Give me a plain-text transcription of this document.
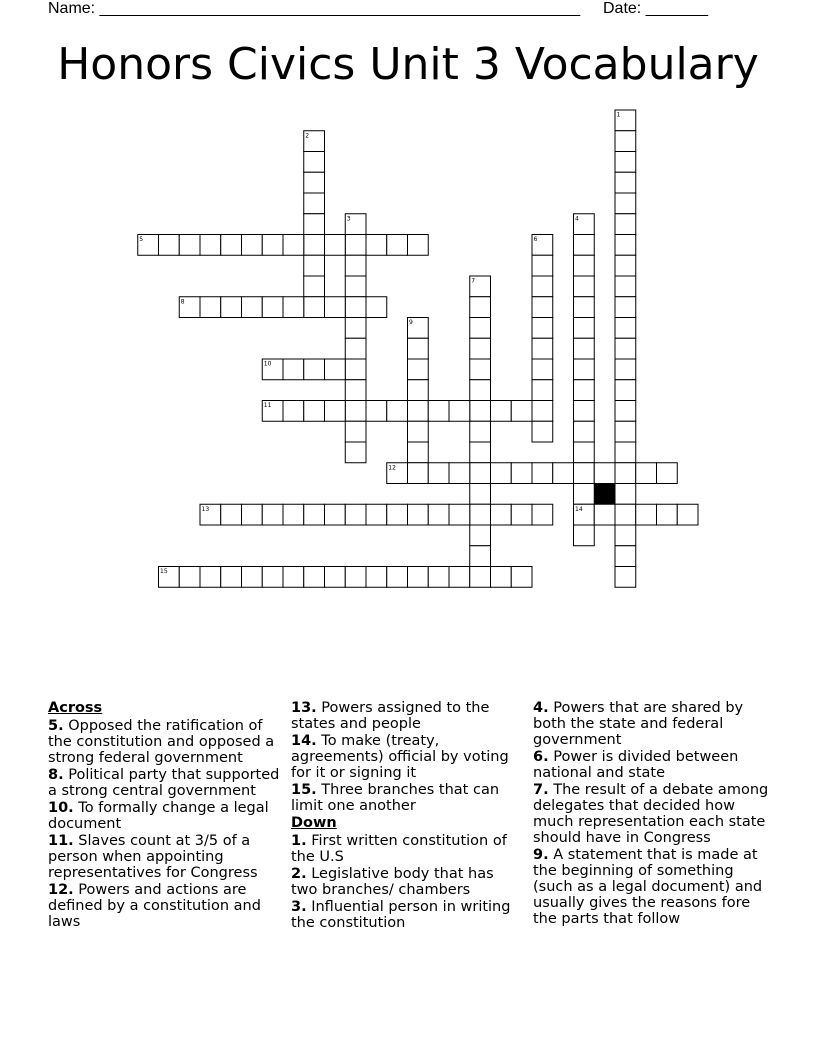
Name: ______________________________________________________ Date: _______
Honors Civics Unit 3 Vocabulary
1
2
3	4
5	6
7
8
9
10
11
12
13	14
15
Across
5. Opposed the ratification of the constitution and opposed a strong federal government
8. Political party that supported a strong central government
10. To formally change a legal document
11. Slaves count at 3/5 of a person when appointing representatives for Congress
12. Powers and actions are defined by a constitution and laws
13. Powers assigned to the states and people
14. To make (treaty, agreements) official by voting for it or signing it
15. Three branches that can limit one another
Down
1. First written constitution of the U.S
2. Legislative body that has two branches/ chambers
3. Influential person in writing the constitution
4. Powers that are shared by both the state and federal government
6. Power is divided between national and state
7. The result of a debate among delegates that decided how much representation each state should have in Congress
9. A statement that is made at the beginning of something (such as a legal document) and usually gives the reasons fore the parts that follow
